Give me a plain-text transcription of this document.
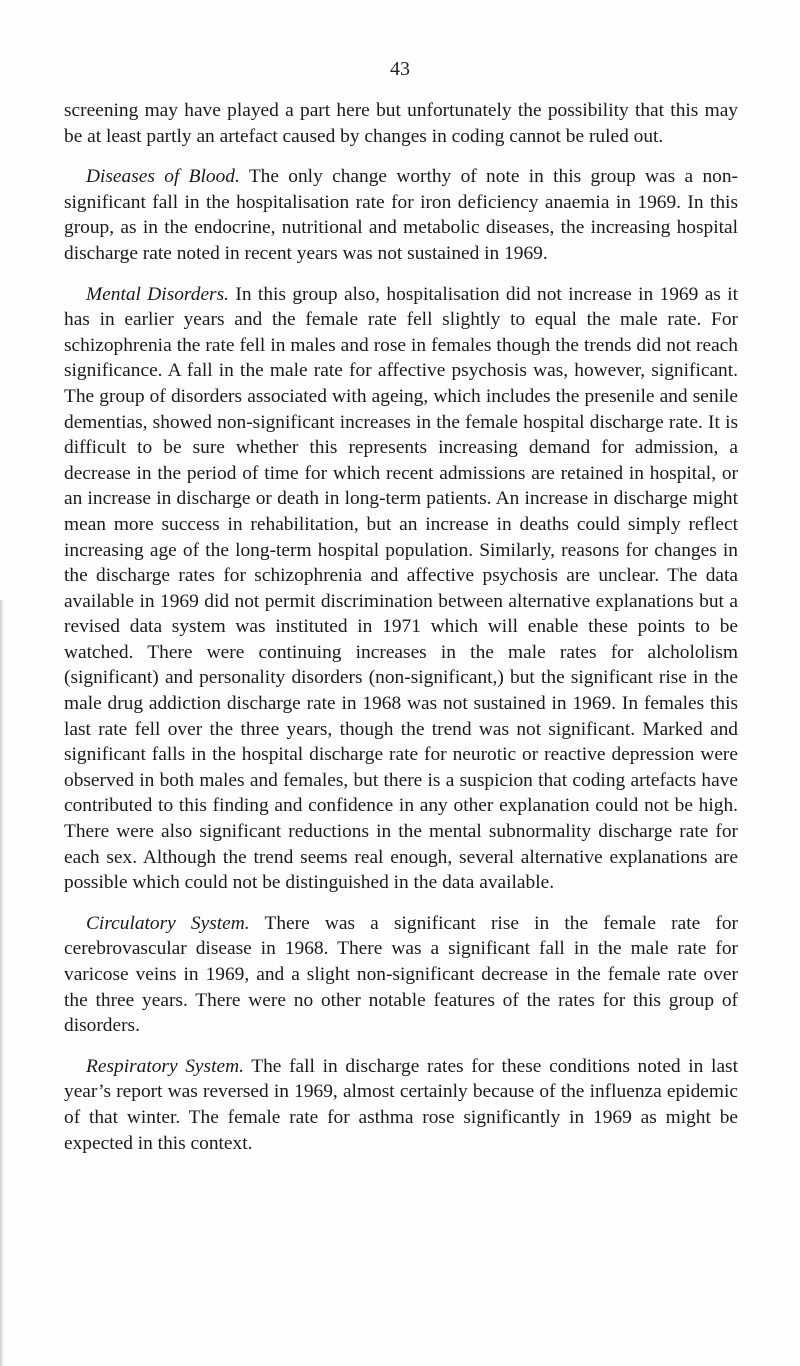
43

screening may have played a part here but unfortunately the possibility that this may be at least partly an artefact caused by changes in coding cannot be ruled out.

Diseases of Blood. The only change worthy of note in this group was a non-significant fall in the hospitalisation rate for iron deficiency anaemia in 1969. In this group, as in the endocrine, nutritional and metabolic diseases, the increasing hospital discharge rate noted in recent years was not sustained in 1969.

Mental Disorders. In this group also, hospitalisation did not increase in 1969 as it has in earlier years and the female rate fell slightly to equal the male rate. For schizophrenia the rate fell in males and rose in females though the trends did not reach significance. A fall in the male rate for affective psychosis was, however, significant. The group of disorders associated with ageing, which includes the presenile and senile dementias, showed non-significant increases in the female hospital discharge rate. It is difficult to be sure whether this represents increasing demand for admission, a decrease in the period of time for which recent admissions are retained in hospital, or an increase in discharge or death in long-term patients. An increase in discharge might mean more success in rehabilitation, but an increase in deaths could simply reflect increasing age of the long-term hospital population. Similarly, reasons for changes in the discharge rates for schizophrenia and affective psychosis are unclear. The data available in 1969 did not permit discrimination between alternative explanations but a revised data system was instituted in 1971 which will enable these points to be watched. There were continuing increases in the male rates for alchololism (significant) and personality disorders (non-significant,) but the significant rise in the male drug addiction discharge rate in 1968 was not sustained in 1969. In females this last rate fell over the three years, though the trend was not significant. Marked and significant falls in the hospital discharge rate for neurotic or reactive depression were observed in both males and females, but there is a suspicion that coding artefacts have contributed to this finding and confidence in any other explanation could not be high. There were also significant reductions in the mental subnormality discharge rate for each sex. Although the trend seems real enough, several alternative explanations are possible which could not be distinguished in the data available.

Circulatory System. There was a significant rise in the female rate for cerebrovascular disease in 1968. There was a significant fall in the male rate for varicose veins in 1969, and a slight non-significant decrease in the female rate over the three years. There were no other notable features of the rates for this group of disorders.

Respiratory System. The fall in discharge rates for these conditions noted in last year’s report was reversed in 1969, almost certainly because of the influenza epidemic of that winter. The female rate for asthma rose significantly in 1969 as might be expected in this context.
